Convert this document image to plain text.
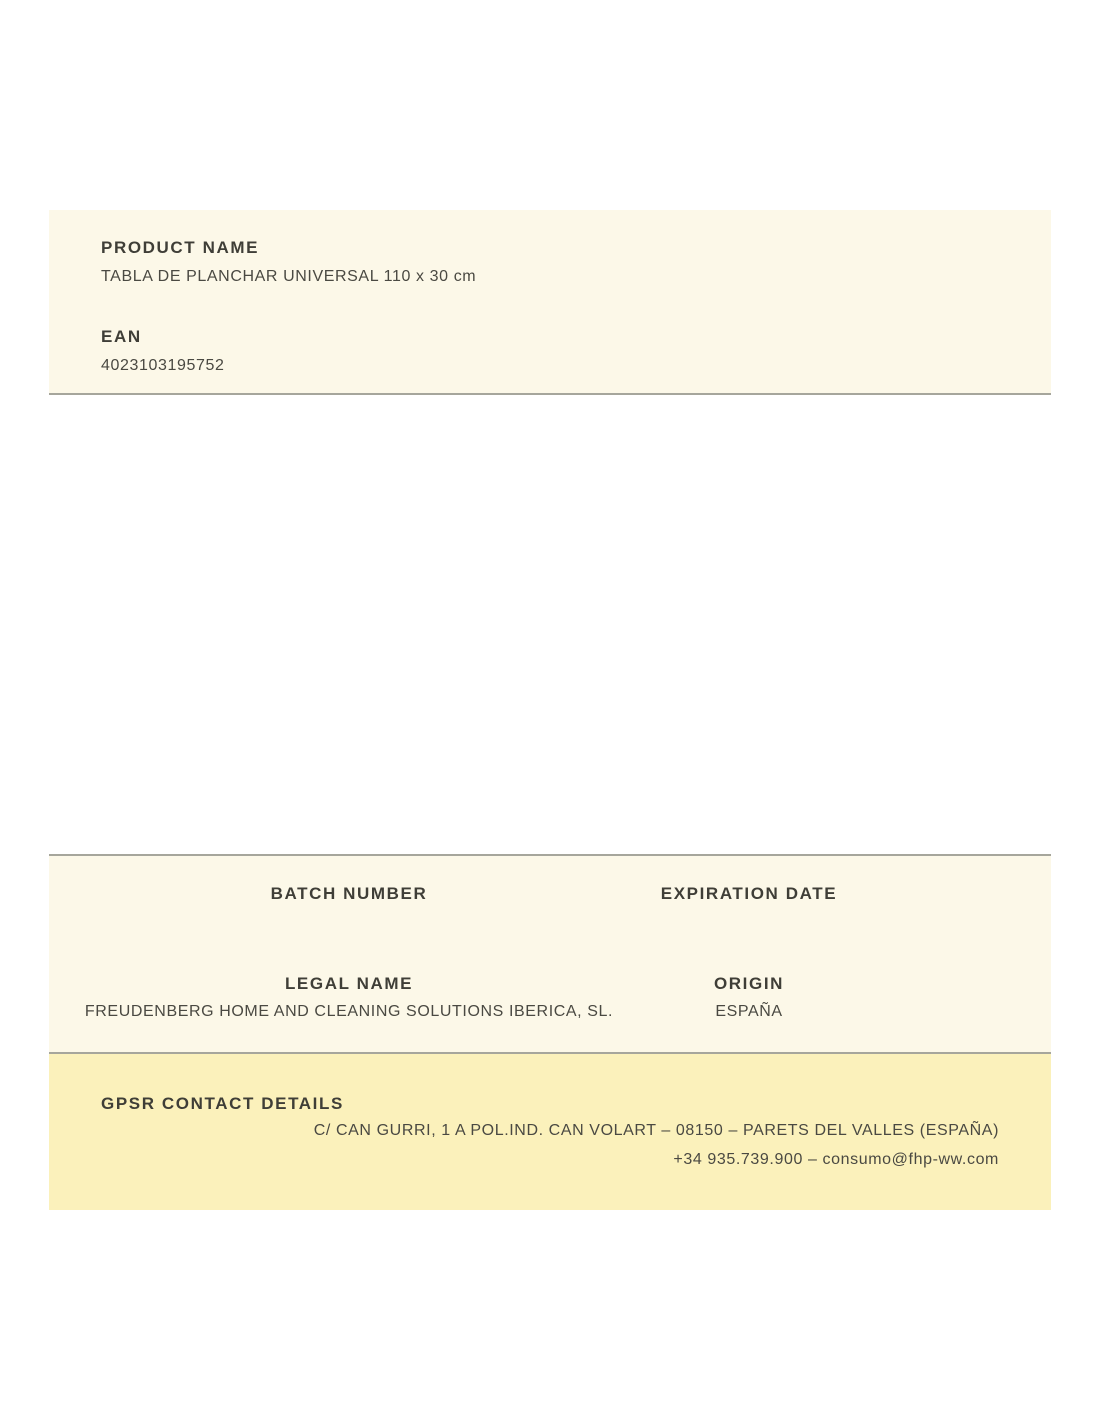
PRODUCT NAME
TABLA DE PLANCHAR UNIVERSAL 110 x 30 cm
EAN
4023103195752
BATCH NUMBER	EXPIRATION DATE
LEGAL NAME	ORIGIN
FREUDENBERG HOME AND CLEANING SOLUTIONS IBERICA, SL.	ESPAÑA
GPSR CONTACT DETAILS
C/ CAN GURRI, 1 A POL.IND. CAN VOLART – 08150 – PARETS DEL VALLES (ESPAÑA)
+34 935.739.900 – consumo@fhp-ww.com
